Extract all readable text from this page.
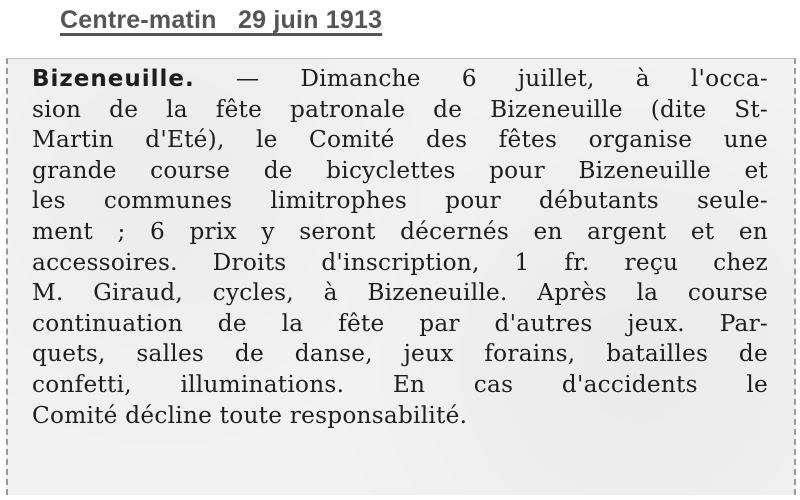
Centre-matin   29 juin 1913
Bizeneuille. — Dimanche 6 juillet, à l'occa-
sion de la fête patronale de Bizeneuille (dite St-
Martin d'Eté), le Comité des fêtes organise une
grande course de bicyclettes pour Bizeneuille et
les communes limitrophes pour débutants seule-
ment ; 6 prix y seront décernés en argent et en
accessoires. Droits d'inscription, 1 fr. reçu chez
M. Giraud, cycles, à Bizeneuille. Après la course
continuation de la fête par d'autres jeux. Par-
quets, salles de danse, jeux forains, batailles de
confetti, illuminations. En cas d'accidents le
Comité décline toute responsabilité.
